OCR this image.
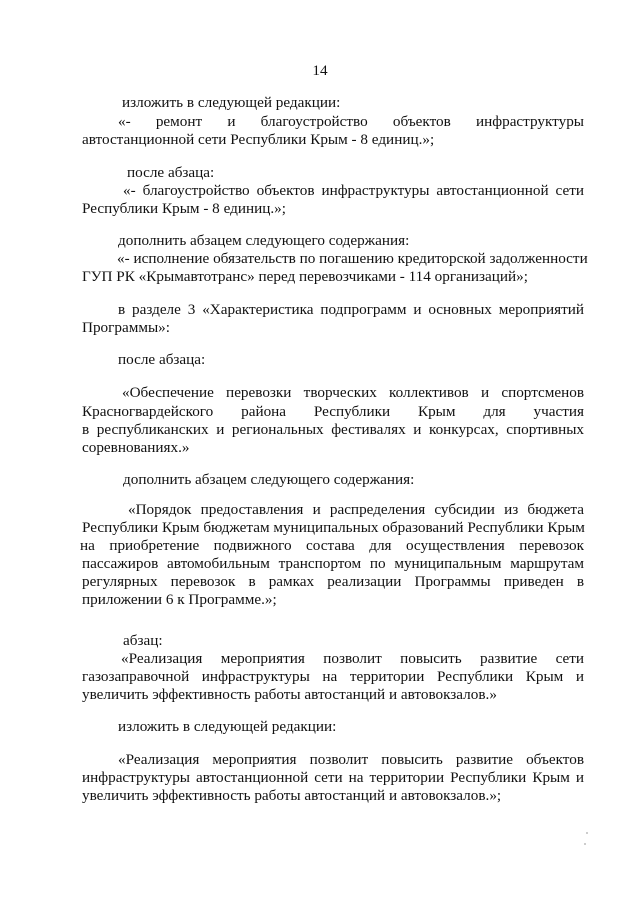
14
изложить в следующей редакции:
«- ремонт и благоустройство объектов инфраструктуры
автостанционной сети Республики Крым - 8 единиц.»;
после абзаца:
«- благоустройство объектов инфраструктуры автостанционной сети
Республики Крым - 8 единиц.»;
дополнить абзацем следующего содержания:
«- исполнение обязательств по погашению кредиторской задолженности
ГУП РК «Крымавтотранс» перед перевозчиками - 114 организаций»;
в разделе 3 «Характеристика подпрограмм и основных мероприятий
Программы»:
после абзаца:
«Обеспечение перевозки творческих коллективов и спортсменов
Красногвардейского района Республики Крым для участия
в республиканских и региональных фестивалях и конкурсах, спортивных
соревнованиях.»
дополнить абзацем следующего содержания:
«Порядок предоставления и распределения субсидии из бюджета
Республики Крым бюджетам муниципальных образований Республики Крым
на приобретение подвижного состава для осуществления перевозок
пассажиров автомобильным транспортом по муниципальным маршрутам
регулярных перевозок в рамках реализации Программы приведен в
приложении 6 к Программе.»;
абзац:
«Реализация мероприятия позволит повысить развитие сети
газозаправочной инфраструктуры на территории Республики Крым и
увеличить эффективность работы автостанций и автовокзалов.»
изложить в следующей редакции:
«Реализация мероприятия позволит повысить развитие объектов
инфраструктуры автостанционной сети на территории Республики Крым и
увеличить эффективность работы автостанций и автовокзалов.»;
